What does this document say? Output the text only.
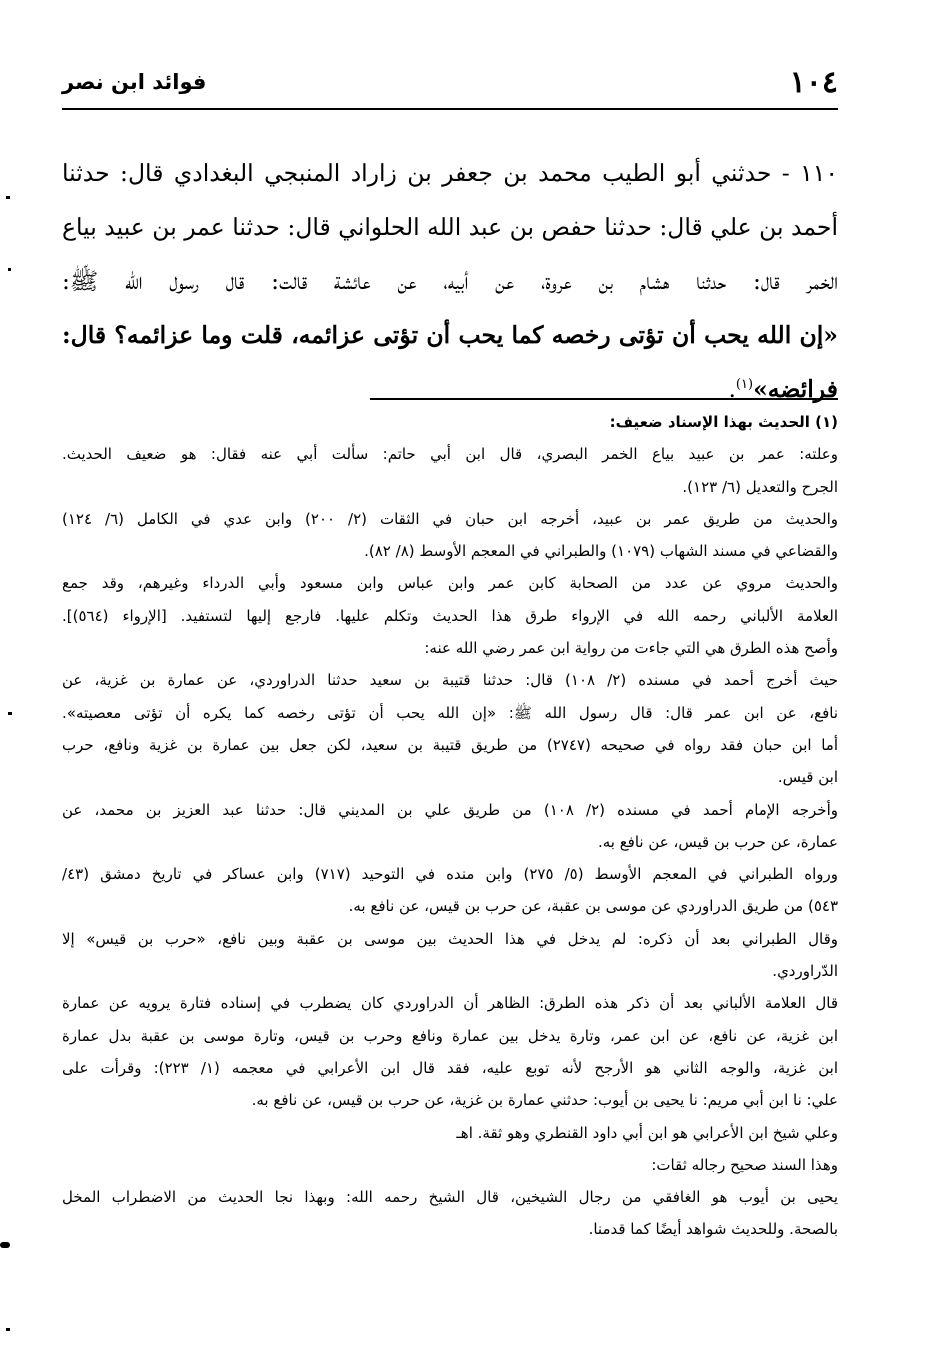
١٠٤
فوائد ابن نصر
١١٠ - حدثني أبو الطيب محمد بن جعفر بن زاراد المنبجي البغدادي قال: حدثنا
أحمد بن علي قال: حدثنا حفص بن عبد الله الحلواني قال: حدثنا عمر بن عبيد بياع
الخمر قال: حدثنا هشام بن عروة، عن أبيه، عن عائشة قالت: قال رسول الله ﷺ:
«إن الله يحب أن تؤتى رخصه كما يحب أن تؤتى عزائمه، قلت وما عزائمه؟ قال:
فرائضه»$^{(١)}$.
(١) الحديث بهذا الإسناد ضعيف:
وعلته: عمر بن عبيد بياع الخمر البصري، قال ابن أبي حاتم: سألت أبي عنه فقال: هو ضعيف الحديث.
الجرح والتعديل (٦/ ١٢٣).
والحديث من طريق عمر بن عبيد، أخرجه ابن حبان في الثقات (٢/ ٢٠٠) وابن عدي في الكامل (٦/ ١٢٤)
والقضاعي في مسند الشهاب (١٠٧٩) والطبراني في المعجم الأوسط (٨/ ٨٢).
والحديث مروي عن عدد من الصحابة كابن عمر وابن عباس وابن مسعود وأبي الدرداء وغيرهم، وقد جمع
العلامة الألباني رحمه الله في الإرواء طرق هذا الحديث وتكلم عليها. فارجع إليها لتستفيد. [الإرواء (٥٦٤)].
وأصح هذه الطرق هي التي جاءت من رواية ابن عمر رضي الله عنه:
حيث أخرج أحمد في مسنده (٢/ ١٠٨) قال: حدثنا قتيبة بن سعيد حدثنا الدراوردي، عن عمارة بن غزية، عن
نافع، عن ابن عمر قال: قال رسول الله ﷺ: «إن الله يحب أن تؤتى رخصه كما يكره أن تؤتى معصيته».
أما ابن حبان فقد رواه في صحيحه (٢٧٤٧) من طريق قتيبة بن سعيد، لكن جعل بين عمارة بن غزية ونافع، حرب
ابن قيس.
وأخرجه الإمام أحمد في مسنده (٢/ ١٠٨) من طريق علي بن المديني قال: حدثنا عبد العزيز بن محمد، عن
عمارة، عن حرب بن قيس، عن نافع به.
ورواه الطبراني في المعجم الأوسط (٥/ ٢٧٥) وابن منده في التوحيد (٧١٧) وابن عساكر في تاريخ دمشق (٤٣/
٥٤٣) من طريق الدراوردي عن موسى بن عقبة، عن حرب بن قيس، عن نافع به.
وقال الطبراني بعد أن ذكره: لم يدخل في هذا الحديث بين موسى بن عقبة وبين نافع، «حرب بن قيس» إلا
الدّراوردي.
قال العلامة الألباني بعد أن ذكر هذه الطرق: الظاهر أن الدراوردي كان يضطرب في إسناده فتارة يرويه عن عمارة
ابن غزية، عن نافع، عن ابن عمر، وتارة يدخل بين عمارة ونافع وحرب بن قيس، وتارة موسى بن عقبة بدل عمارة
ابن غزية، والوجه الثاني هو الأرجح لأنه توبع عليه، فقد قال ابن الأعرابي في معجمه (١/ ٢٢٣): وقرأت على
علي: نا ابن أبي مريم: نا يحيى بن أيوب: حدثني عمارة بن غزية، عن حرب بن قيس، عن نافع به.
وعلي شيخ ابن الأعرابي هو ابن أبي داود القنطري وهو ثقة. اهـ
وهذا السند صحيح رجاله ثقات:
يحيى بن أيوب هو الغافقي من رجال الشيخين، قال الشيخ رحمه الله: وبهذا نجا الحديث من الاضطراب المخل
بالصحة. وللحديث شواهد أيضًا كما قدمنا.
